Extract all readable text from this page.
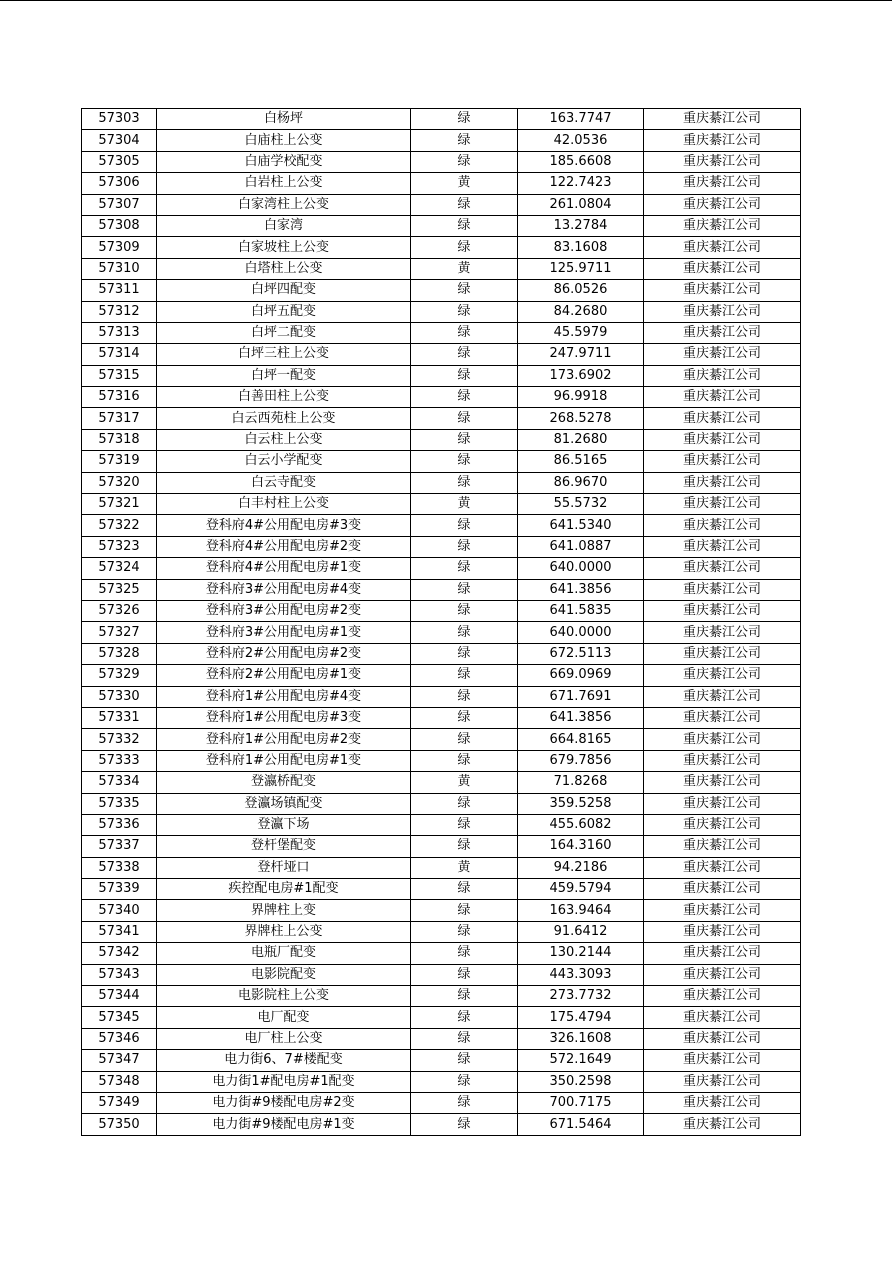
57303	白杨坪	绿	163.7747	重庆綦江公司
57304	白庙柱上公变	绿	42.0536	重庆綦江公司
57305	白庙学校配变	绿	185.6608	重庆綦江公司
57306	白岩柱上公变	黄	122.7423	重庆綦江公司
57307	白家湾柱上公变	绿	261.0804	重庆綦江公司
57308	白家湾	绿	13.2784	重庆綦江公司
57309	白家坡柱上公变	绿	83.1608	重庆綦江公司
57310	白塔柱上公变	黄	125.9711	重庆綦江公司
57311	白坪四配变	绿	86.0526	重庆綦江公司
57312	白坪五配变	绿	84.2680	重庆綦江公司
57313	白坪二配变	绿	45.5979	重庆綦江公司
57314	白坪三柱上公变	绿	247.9711	重庆綦江公司
57315	白坪一配变	绿	173.6902	重庆綦江公司
57316	白善田柱上公变	绿	96.9918	重庆綦江公司
57317	白云西苑柱上公变	绿	268.5278	重庆綦江公司
57318	白云柱上公变	绿	81.2680	重庆綦江公司
57319	白云小学配变	绿	86.5165	重庆綦江公司
57320	白云寺配变	绿	86.9670	重庆綦江公司
57321	白丰村柱上公变	黄	55.5732	重庆綦江公司
57322	登科府4#公用配电房#3变	绿	641.5340	重庆綦江公司
57323	登科府4#公用配电房#2变	绿	641.0887	重庆綦江公司
57324	登科府4#公用配电房#1变	绿	640.0000	重庆綦江公司
57325	登科府3#公用配电房#4变	绿	641.3856	重庆綦江公司
57326	登科府3#公用配电房#2变	绿	641.5835	重庆綦江公司
57327	登科府3#公用配电房#1变	绿	640.0000	重庆綦江公司
57328	登科府2#公用配电房#2变	绿	672.5113	重庆綦江公司
57329	登科府2#公用配电房#1变	绿	669.0969	重庆綦江公司
57330	登科府1#公用配电房#4变	绿	671.7691	重庆綦江公司
57331	登科府1#公用配电房#3变	绿	641.3856	重庆綦江公司
57332	登科府1#公用配电房#2变	绿	664.8165	重庆綦江公司
57333	登科府1#公用配电房#1变	绿	679.7856	重庆綦江公司
57334	登瀛桥配变	黄	71.8268	重庆綦江公司
57335	登瀛场镇配变	绿	359.5258	重庆綦江公司
57336	登瀛下场	绿	455.6082	重庆綦江公司
57337	登杆堡配变	绿	164.3160	重庆綦江公司
57338	登杆垭口	黄	94.2186	重庆綦江公司
57339	疾控配电房#1配变	绿	459.5794	重庆綦江公司
57340	界牌柱上变	绿	163.9464	重庆綦江公司
57341	界牌柱上公变	绿	91.6412	重庆綦江公司
57342	电瓶厂配变	绿	130.2144	重庆綦江公司
57343	电影院配变	绿	443.3093	重庆綦江公司
57344	电影院柱上公变	绿	273.7732	重庆綦江公司
57345	电厂配变	绿	175.4794	重庆綦江公司
57346	电厂柱上公变	绿	326.1608	重庆綦江公司
57347	电力街6、7#楼配变	绿	572.1649	重庆綦江公司
57348	电力街1#配电房#1配变	绿	350.2598	重庆綦江公司
57349	电力街#9楼配电房#2变	绿	700.7175	重庆綦江公司
57350	电力街#9楼配电房#1变	绿	671.5464	重庆綦江公司
